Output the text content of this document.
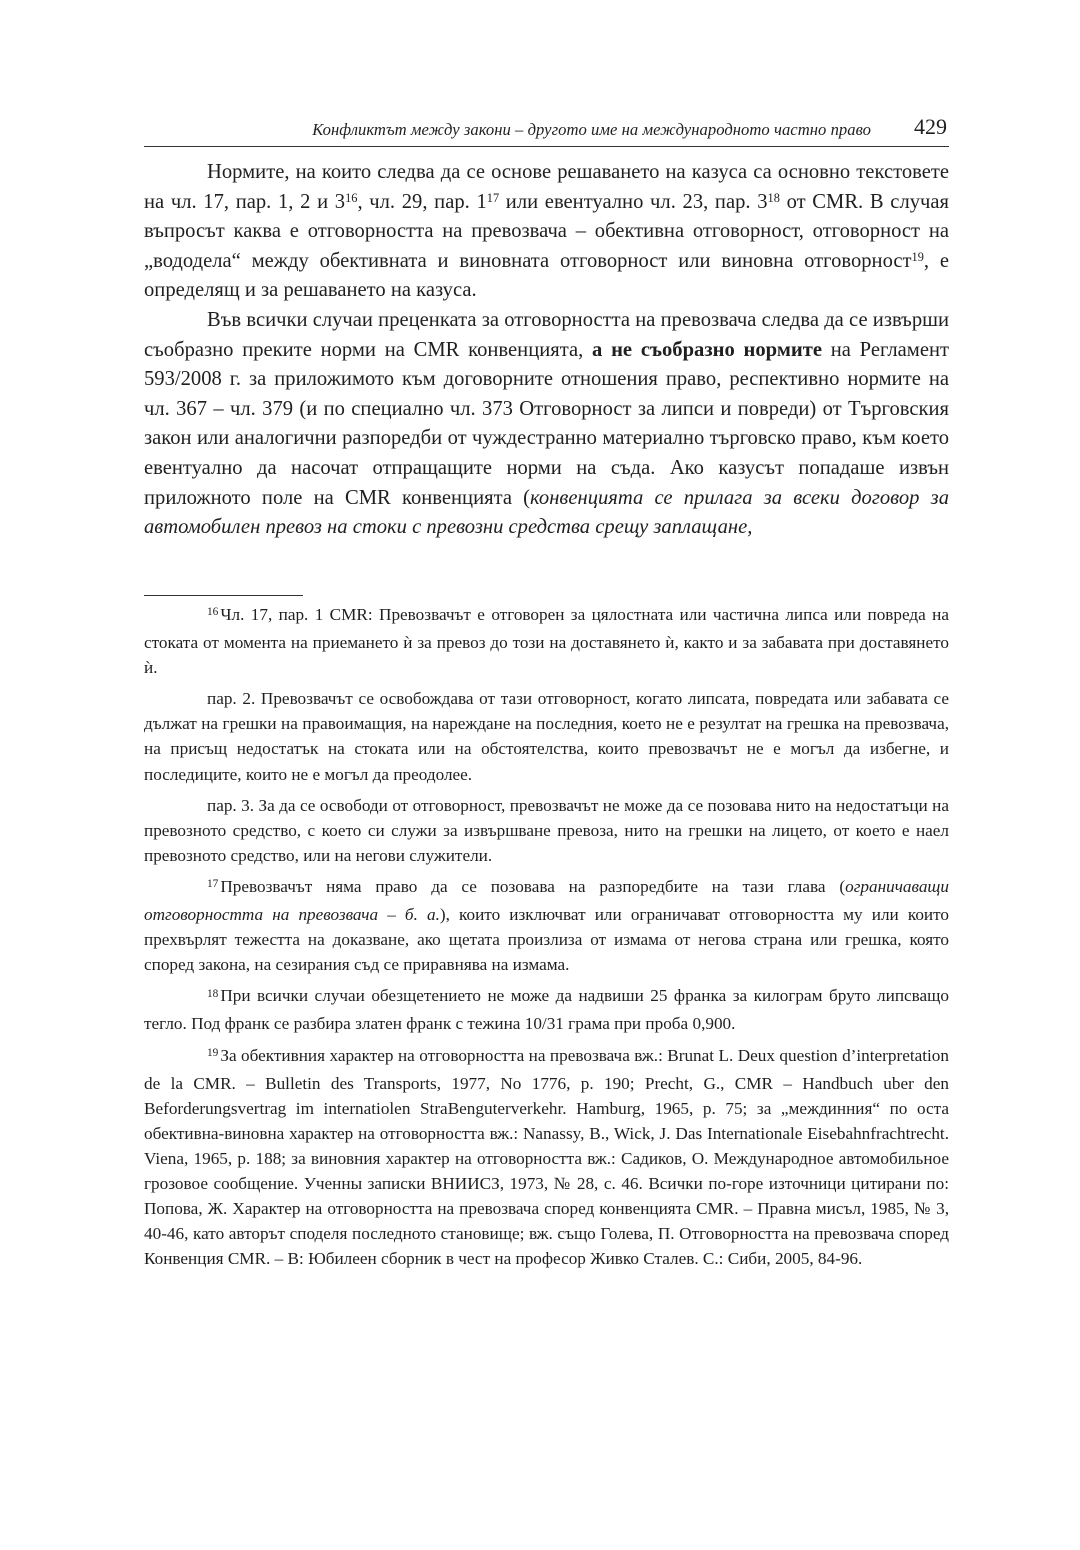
Конфликтът между закони – другото име на международното частно право 429

Нормите, на които следва да се основе решаването на казуса са основно текстовете на чл. 17, пар. 1, 2 и $3^{16}$, чл. 29, пар. $1^{17}$ или евентуално чл. 23, пар. $3^{18}$ от CMR. В случая въпросът каква е отговорността на превозвача – обективна отговорност, отговорност на „вододела“ между обективната и виновната отговорност или виновна отговорност$^{19}$, е определящ и за решаването на казуса.

Във всички случаи преценката за отговорността на превозвача следва да се извърши съобразно преките норми на CMR конвенцията, а не съобразно нормите на Регламент 593/2008 г. за приложимото към договорните отношения право, респективно нормите на чл. 367 – чл. 379 (и по специално чл. 373 Отговорност за липси и повреди) от Търговския закон или аналогични разпоредби от чуждестранно материално търговско право, към което евентуално да насочат отпращащите норми на съда. Ако казусът попадаше извън приложното поле на CMR конвенцията (конвенцията се прилага за всеки договор за автомобилен превоз на стоки с превозни средства срещу заплащане,

$^{16}$ Чл. 17, пар. 1 CMR: Превозвачът е отговорен за цялостната или частична липса или повреда на стоката от момента на приемането ѝ за превоз до този на доставянето ѝ, както и за забавата при доставянето ѝ.

пар. 2. Превозвачът се освобождава от тази отговорност, когато липсата, повредата или забавата се дължат на грешки на правоимащия, на нареждане на последния, което не е резултат на грешка на превозвача, на присъщ недостатък на стоката или на обстоятелства, които превозвачът не е могъл да избегне, и последиците, които не е могъл да преодолее.

пар. 3. За да се освободи от отговорност, превозвачът не може да се позовава нито на недостатъци на превозното средство, с което си служи за извършване превоза, нито на грешки на лицето, от което е наел превозното средство, или на негови служители.

$^{17}$ Превозвачът няма право да се позовава на разпоредбите на тази глава (ограничаващи отговорността на превозвача – б. а.), които изключват или ограничават отговорността му или които прехвърлят тежестта на доказване, ако щетата произлиза от измама от негова страна или грешка, която според закона, на сезирания съд се приравнява на измама.

$^{18}$ При всички случаи обезщетението не може да надвиши 25 франка за килограм бруто липсващо тегло. Под франк се разбира златен франк с тежина 10/31 грама при проба 0,900.

$^{19}$ За обективния характер на отговорността на превозвача вж.: Brunat L. Deux question d’interpretation de la CMR. – Bulletin des Transports, 1977, No 1776, p. 190; Precht, G., CMR – Handbuch uber den Beforderungsvertrag im internatiolen StraBenguterverkehr. Hamburg, 1965, p. 75; за „междинния“ по оста обективна-виновна характер на отговорността вж.: Nanassy, B., Wick, J. Das Internationale Eisebahnfrachtrecht. Viena, 1965, p. 188; за виновния характер на отговорността вж.: Садиков, О. Международное автомобильное грозовое сообщение. Ученны записки ВНИИСЗ, 1973, № 28, с. 46. Всички по-горе източници цитирани по: Попова, Ж. Характер на отговорността на превозвача според конвенцията CMR. – Правна мисъл, 1985, № 3, 40-46, като авторът споделя последното становище; вж. също Голева, П. Отговорността на превозвача според Конвенция CMR. – В: Юбилеен сборник в чест на професор Живко Сталев. С.: Сиби, 2005, 84-96.
